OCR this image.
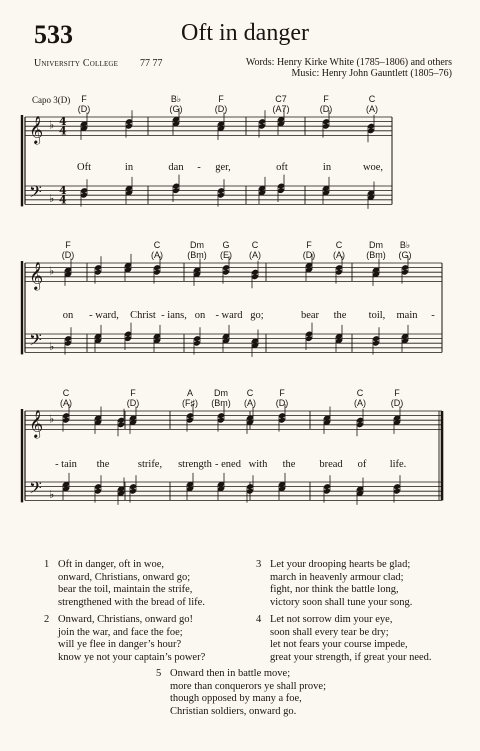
533	Oft in danger
University College 77 77	Words: Henry Kirke White (1785–1806) and others
Music: Henry John Gauntlett (1805–76)
Capo 3(D)
𝄞 ♭ 4
4
𝄢 ♭
4
4
𝄞 ♭
𝄢 ♭
𝄞 ♭
𝄢 ♭
F
(D)
B♭
(G)
F
(D)
C7
(A7)
F
(D)
C
(A)
Oft	in	dan - ger,	oft	in	woe,
F
(D)
C
(A)
Dm
(Bm)
G
(E)
C
(A)
F
(D)
C
(A)
Dm
(Bm)
B♭
(G)
on - ward, Christ - ians, on - ward go;	bear the toil, main -
C
(A)
F
(D)
A
(F♯)
Dm
(Bm)
C
(A)
F
(D)
C
(A)
F
(D)
- tain the	strife, strength - ened with the bread of life.
1 Oft in danger, oft in woe,
onward, Christians, onward go;
bear the toil, maintain the strife,
strengthened with the bread of life.
2 Onward, Christians, onward go!
join the war, and face the foe;
will ye flee in danger’s hour?
know ye not your captain’s power?
3 Let your drooping hearts be glad;
march in heavenly armour clad;
fight, nor think the battle long,
victory soon shall tune your song.
4 Let not sorrow dim your eye,
soon shall every tear be dry;
let not fears your course impede,
great your strength, if great your need.
5 Onward then in battle move;
more than conquerors ye shall prove;
though opposed by many a foe,
Christian soldiers, onward go.
